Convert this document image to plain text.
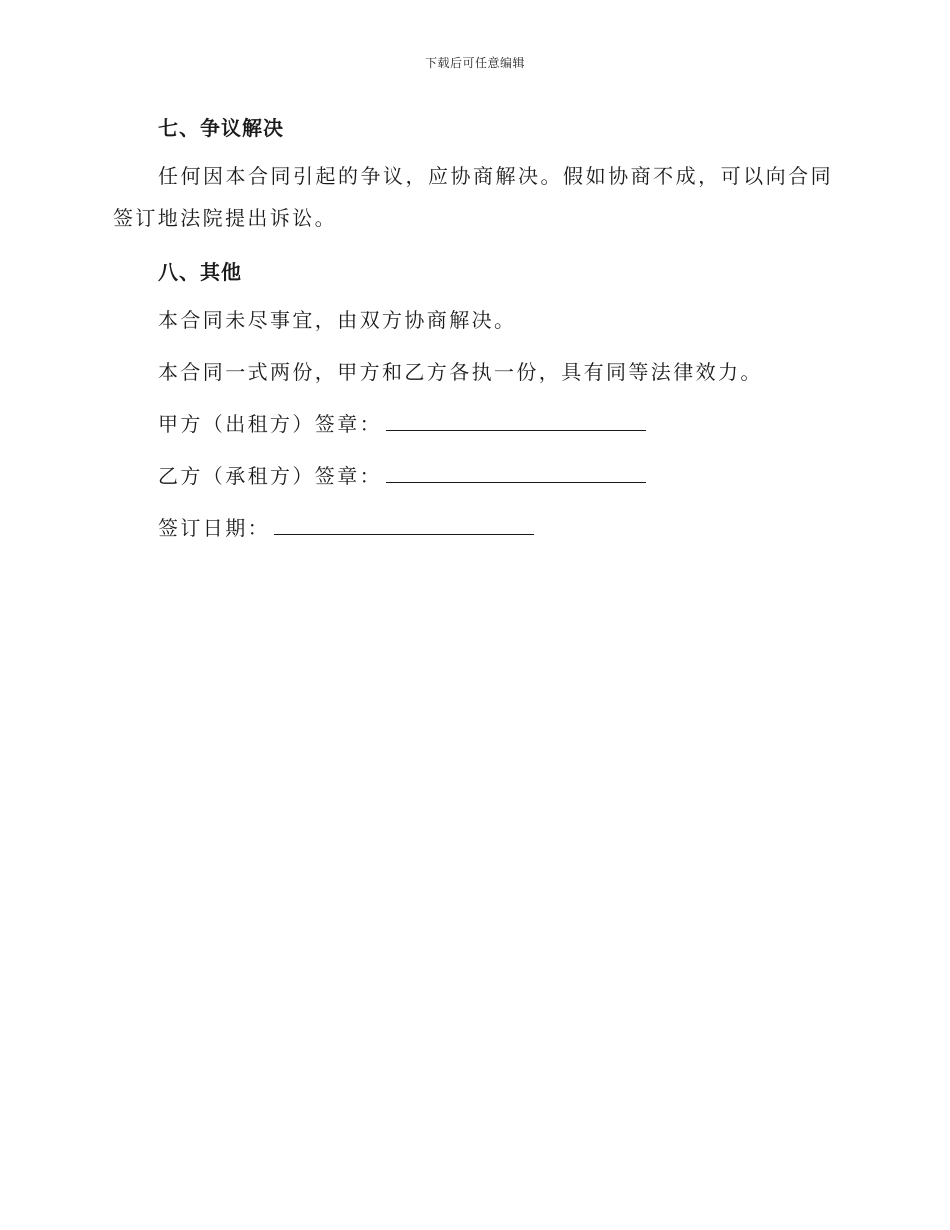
下载后可任意编辑
七、争议解决

任何因本合同引起的争议，应协商解决。假如协商不成，可以向合同签订地法院提出诉讼。

八、其他

本合同未尽事宜，由双方协商解决。

本合同一式两份，甲方和乙方各执一份，具有同等法律效力。

甲方（出租方）签章：
乙方（承租方）签章：
签订日期：
